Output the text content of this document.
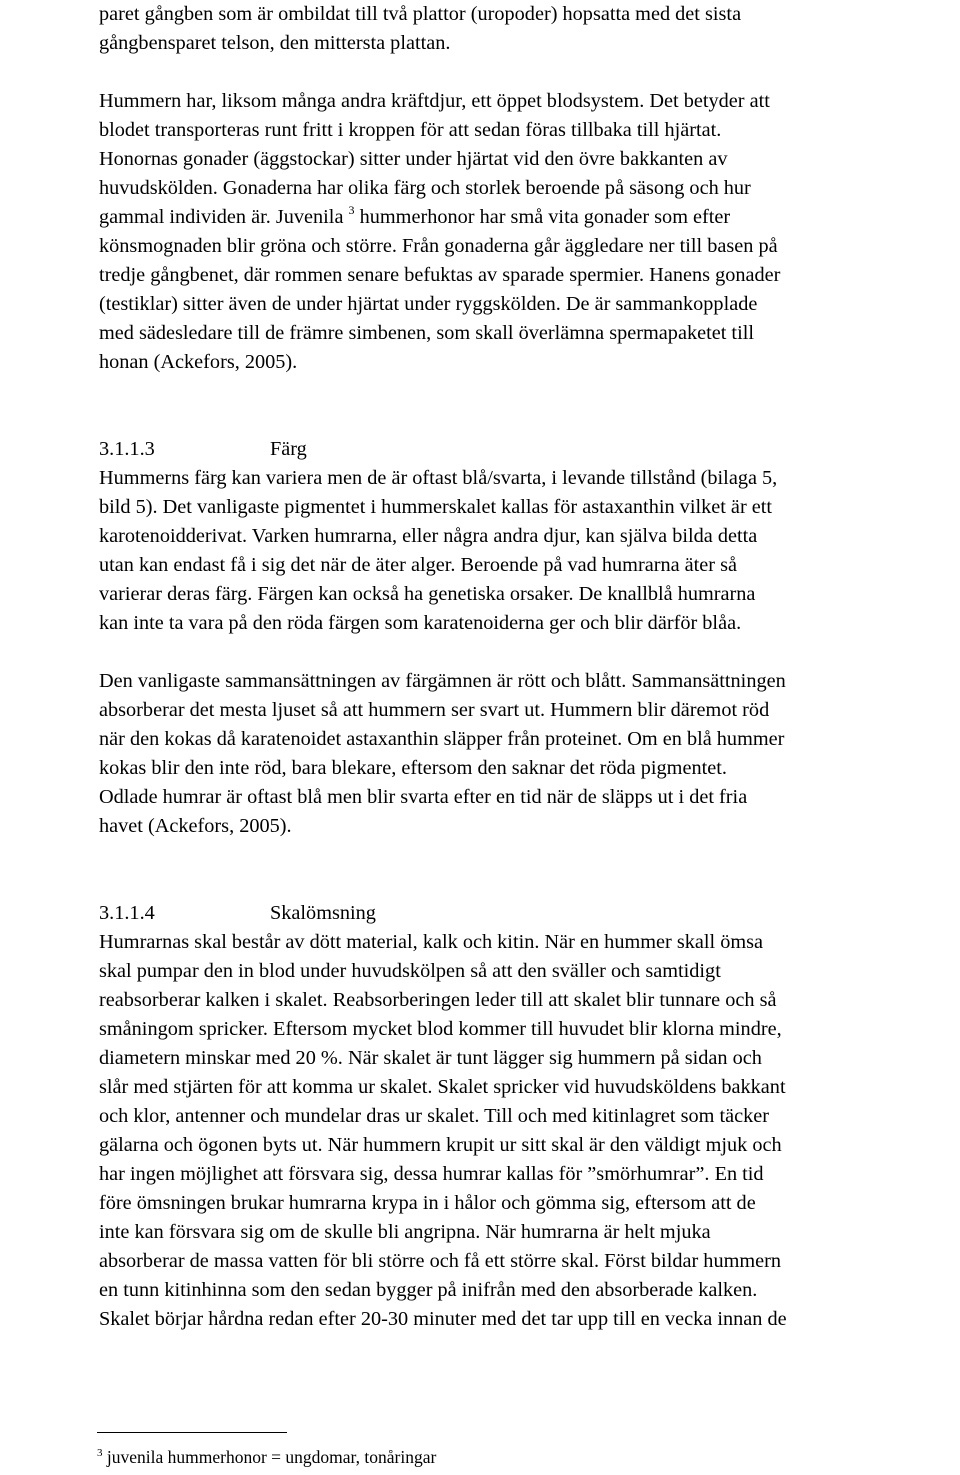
paret gångben som är ombildat till två plattor (uropoder) hopsatta med det sista
gångbensparet telson, den mittersta plattan.
Hummern har, liksom många andra kräftdjur, ett öppet blodsystem. Det betyder att
blodet transporteras runt fritt i kroppen för att sedan föras tillbaka till hjärtat.
Honornas gonader (äggstockar) sitter under hjärtat vid den övre bakkanten av
huvudskölden. Gonaderna har olika färg och storlek beroende på säsong och hur
gammal individen är. Juvenila $^3$ hummerhonor har små vita gonader som efter
könsmognaden blir gröna och större. Från gonaderna går äggledare ner till basen på
tredje gångbenet, där rommen senare befuktas av sparade spermier. Hanens gonader
(testiklar) sitter även de under hjärtat under ryggskölden. De är sammankopplade
med sädesledare till de främre simbenen, som skall överlämna spermapaketet till
honan (Ackefors, 2005).
3.1.1.3	Färg
Hummerns färg kan variera men de är oftast blå/svarta, i levande tillstånd (bilaga 5,
bild 5). Det vanligaste pigmentet i hummerskalet kallas för astaxanthin vilket är ett
karotenoidderivat. Varken humrarna, eller några andra djur, kan själva bilda detta
utan kan endast få i sig det när de äter alger. Beroende på vad humrarna äter så
varierar deras färg. Färgen kan också ha genetiska orsaker. De knallblå humrarna
kan inte ta vara på den röda färgen som karatenoiderna ger och blir därför blåa.
Den vanligaste sammansättningen av färgämnen är rött och blått. Sammansättningen
absorberar det mesta ljuset så att hummern ser svart ut. Hummern blir däremot röd
när den kokas då karatenoidet astaxanthin släpper från proteinet. Om en blå hummer
kokas blir den inte röd, bara blekare, eftersom den saknar det röda pigmentet.
Odlade humrar är oftast blå men blir svarta efter en tid när de släpps ut i det fria
havet (Ackefors, 2005).
3.1.1.4	Skalömsning
Humrarnas skal består av dött material, kalk och kitin. När en hummer skall ömsa
skal pumpar den in blod under huvudskölpen så att den sväller och samtidigt
reabsorberar kalken i skalet. Reabsorberingen leder till att skalet blir tunnare och så
småningom spricker. Eftersom mycket blod kommer till huvudet blir klorna mindre,
diametern minskar med 20 %. När skalet är tunt lägger sig hummern på sidan och
slår med stjärten för att komma ur skalet. Skalet spricker vid huvudsköldens bakkant
och klor, antenner och mundelar dras ur skalet. Till och med kitinlagret som täcker
gälarna och ögonen byts ut. När hummern krupit ur sitt skal är den väldigt mjuk och
har ingen möjlighet att försvara sig, dessa humrar kallas för ”smörhumrar”. En tid
före ömsningen brukar humrarna krypa in i hålor och gömma sig, eftersom att de
inte kan försvara sig om de skulle bli angripna. När humrarna är helt mjuka
absorberar de massa vatten för bli större och få ett större skal. Först bildar hummern
en tunn kitinhinna som den sedan bygger på inifrån med den absorberade kalken.
Skalet börjar hårdna redan efter 20-30 minuter med det tar upp till en vecka innan de
$^3$ juvenila hummerhonor = ungdomar, tonåringar
